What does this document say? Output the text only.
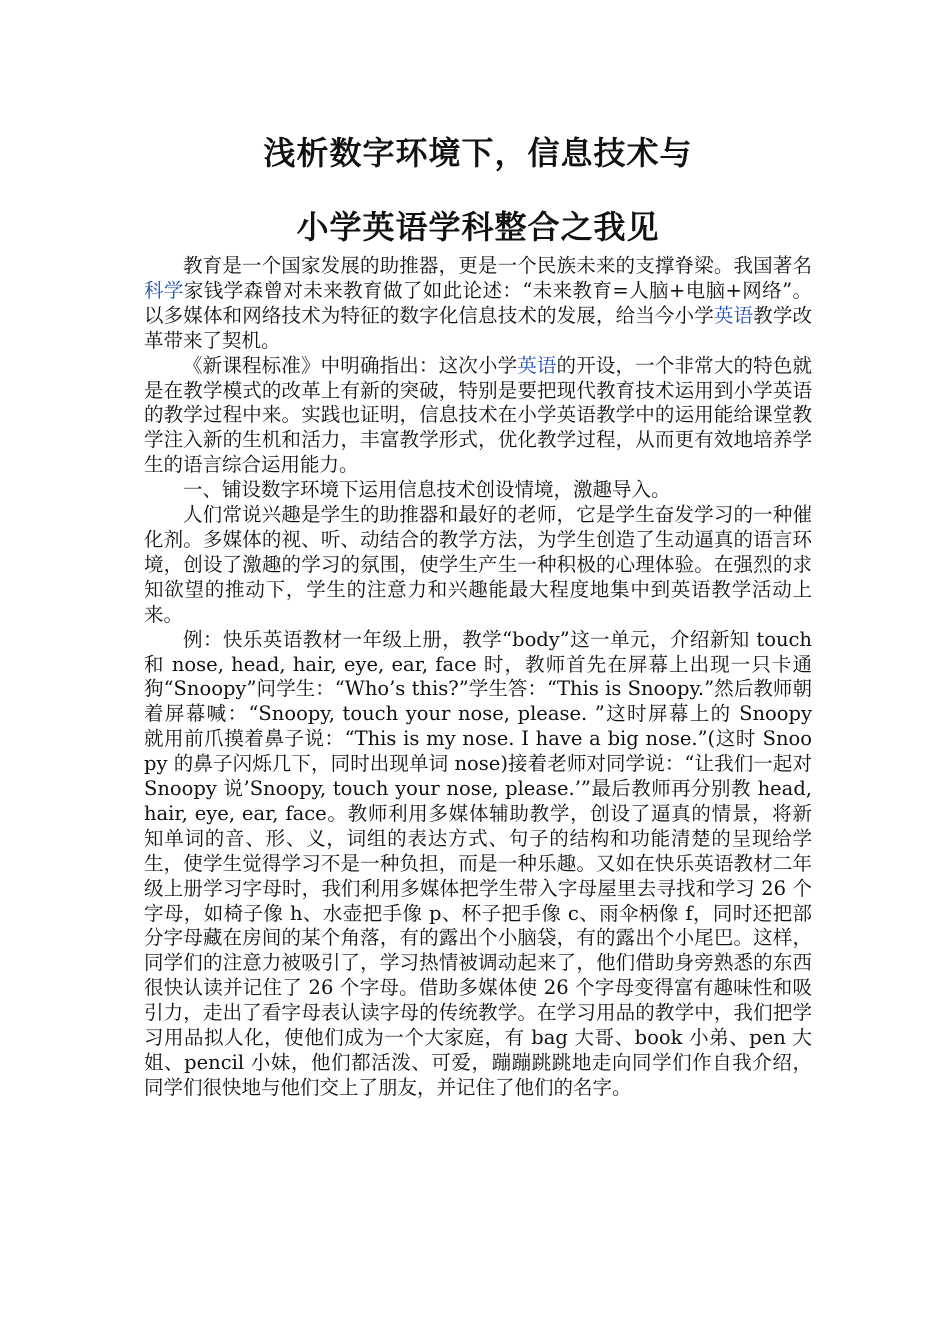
浅析数字环境下，信息技术与
小学英语学科整合之我见

教育是一个国家发展的助推器，更是一个民族未来的支撑脊梁。我国著名科学家钱学森曾对未来教育做了如此论述：“未来教育=人脑+电脑+网络”。以多媒体和网络技术为特征的数字化信息技术的发展，给当今小学英语教学改革带来了契机。

《新课程标准》中明确指出：这次小学英语的开设，一个非常大的特色就是在教学模式的改革上有新的突破，特别是要把现代教育技术运用到小学英语的教学过程中来。实践也证明，信息技术在小学英语教学中的运用能给课堂教学注入新的生机和活力，丰富教学形式，优化教学过程，从而更有效地培养学生的语言综合运用能力。

一、铺设数字环境下运用信息技术创设情境，激趣导入。

人们常说兴趣是学生的助推器和最好的老师，它是学生奋发学习的一种催化剂。多媒体的视、听、动结合的教学方法，为学生创造了生动逼真的语言环境，创设了激趣的学习的氛围，使学生产生一种积极的心理体验。在强烈的求知欲望的推动下，学生的注意力和兴趣能最大程度地集中到英语教学活动上来。

例：快乐英语教材一年级上册，教学“body”这一单元，介绍新知 touch 和 nose, head, hair, eye, ear, face 时，教师首先在屏幕上出现一只卡通狗“Snoopy”问学生：“Who’s this?”学生答：“This is Snoopy.”然后教师朝着屏幕喊：“Snoopy, touch your nose, please. ”这时屏幕上的 Snoopy 就用前爪摸着鼻子说：“This is my nose. I have a big nose.”(这时 Snoopy 的鼻子闪烁几下，同时出现单词 nose)接着老师对同学说：“让我们一起对 Snoopy 说’Snoopy, touch your nose, please.’”最后教师再分别教 head, hair, eye, ear, face。教师利用多媒体辅助教学，创设了逼真的情景，将新知单词的音、形、义，词组的表达方式、句子的结构和功能清楚的呈现给学生，使学生觉得学习不是一种负担，而是一种乐趣。又如在快乐英语教材二年级上册学习字母时，我们利用多媒体把学生带入字母屋里去寻找和学习 26 个字母，如椅子像 h、水壶把手像 p、杯子把手像 c、雨伞柄像 f，同时还把部分字母藏在房间的某个角落，有的露出个小脑袋，有的露出个小尾巴。这样，同学们的注意力被吸引了，学习热情被调动起来了，他们借助身旁熟悉的东西很快认读并记住了 26 个字母。借助多媒体使 26 个字母变得富有趣味性和吸引力，走出了看字母表认读字母的传统教学。在学习用品的教学中，我们把学习用品拟人化，使他们成为一个大家庭，有 bag 大哥、book 小弟、pen 大姐、pencil 小妹，他们都活泼、可爱，蹦蹦跳跳地走向同学们作自我介绍，同学们很快地与他们交上了朋友，并记住了他们的名字。
